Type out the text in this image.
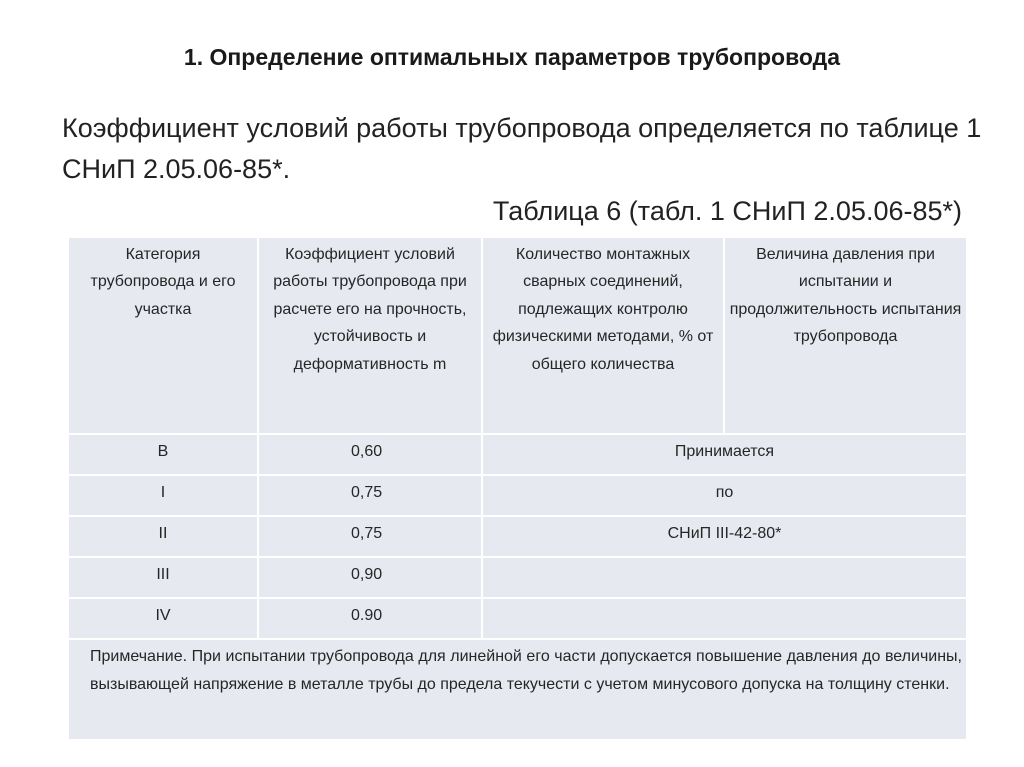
1. Определение оптимальных параметров трубопровода
Коэффициент условий работы трубопровода определяется по таблице 1 СНиП 2.05.06-85*.
Таблица 6 (табл. 1 СНиП 2.05.06-85*)
Категория трубопровода и его участка	Коэффициент условий работы трубопровода при расчете его на прочность, устойчивость и деформативность m	Количество монтажных сварных соединений, подлежащих контролю физическими методами, % от общего количества	Величина давления при испытании и продолжительность испытания трубопровода
В	0,60	Принимается	
I	0,75	по	
II	0,75	СНиП III-42-80*	
III	0,90		
IV	0.90		
Примечание. При испытании трубопровода для линейной его части допускается повышение давления до величины, вызывающей напряжение в металле трубы до предела текучести с учетом минусового допуска на толщину стенки.			
